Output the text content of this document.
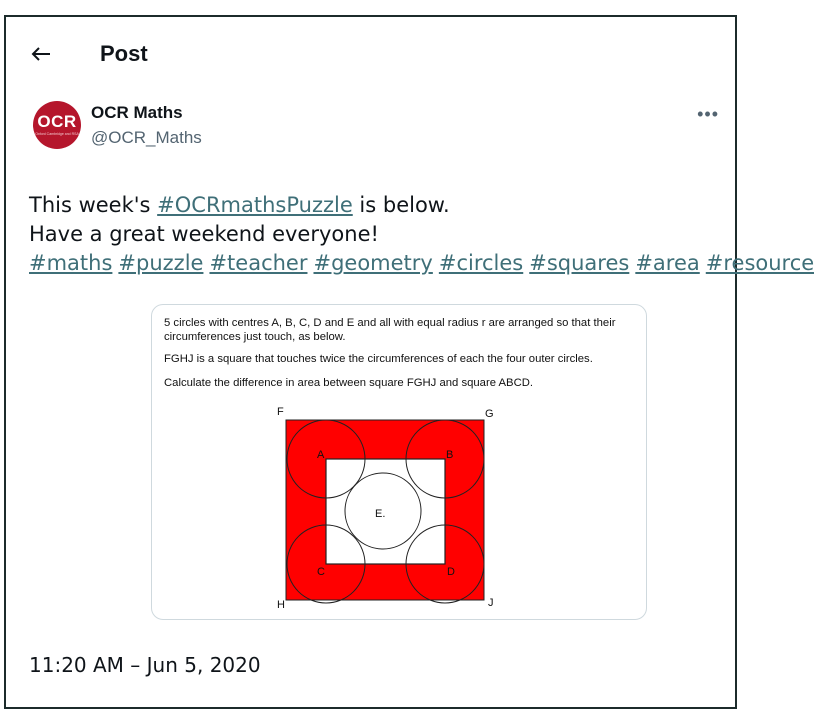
Post
OCR
Oxford Cambridge and RSA
OCR Maths
@OCR_Maths
•••
This week's #OCRmathsPuzzle is below.
Have a great weekend everyone!
#maths #puzzle #teacher #geometry #circles #squares #area #resource
5 circles with centres A, B, C, D and E and all with equal radius r are arranged so that their
circumferences just touch, as below.
FGHJ is a square that touches twice the circumferences of each the four outer circles.
Calculate the difference in area between square FGHJ and square ABCD.
F	G
H	J
A	B
C	D
E.
11:20 AM – Jun 5, 2020
